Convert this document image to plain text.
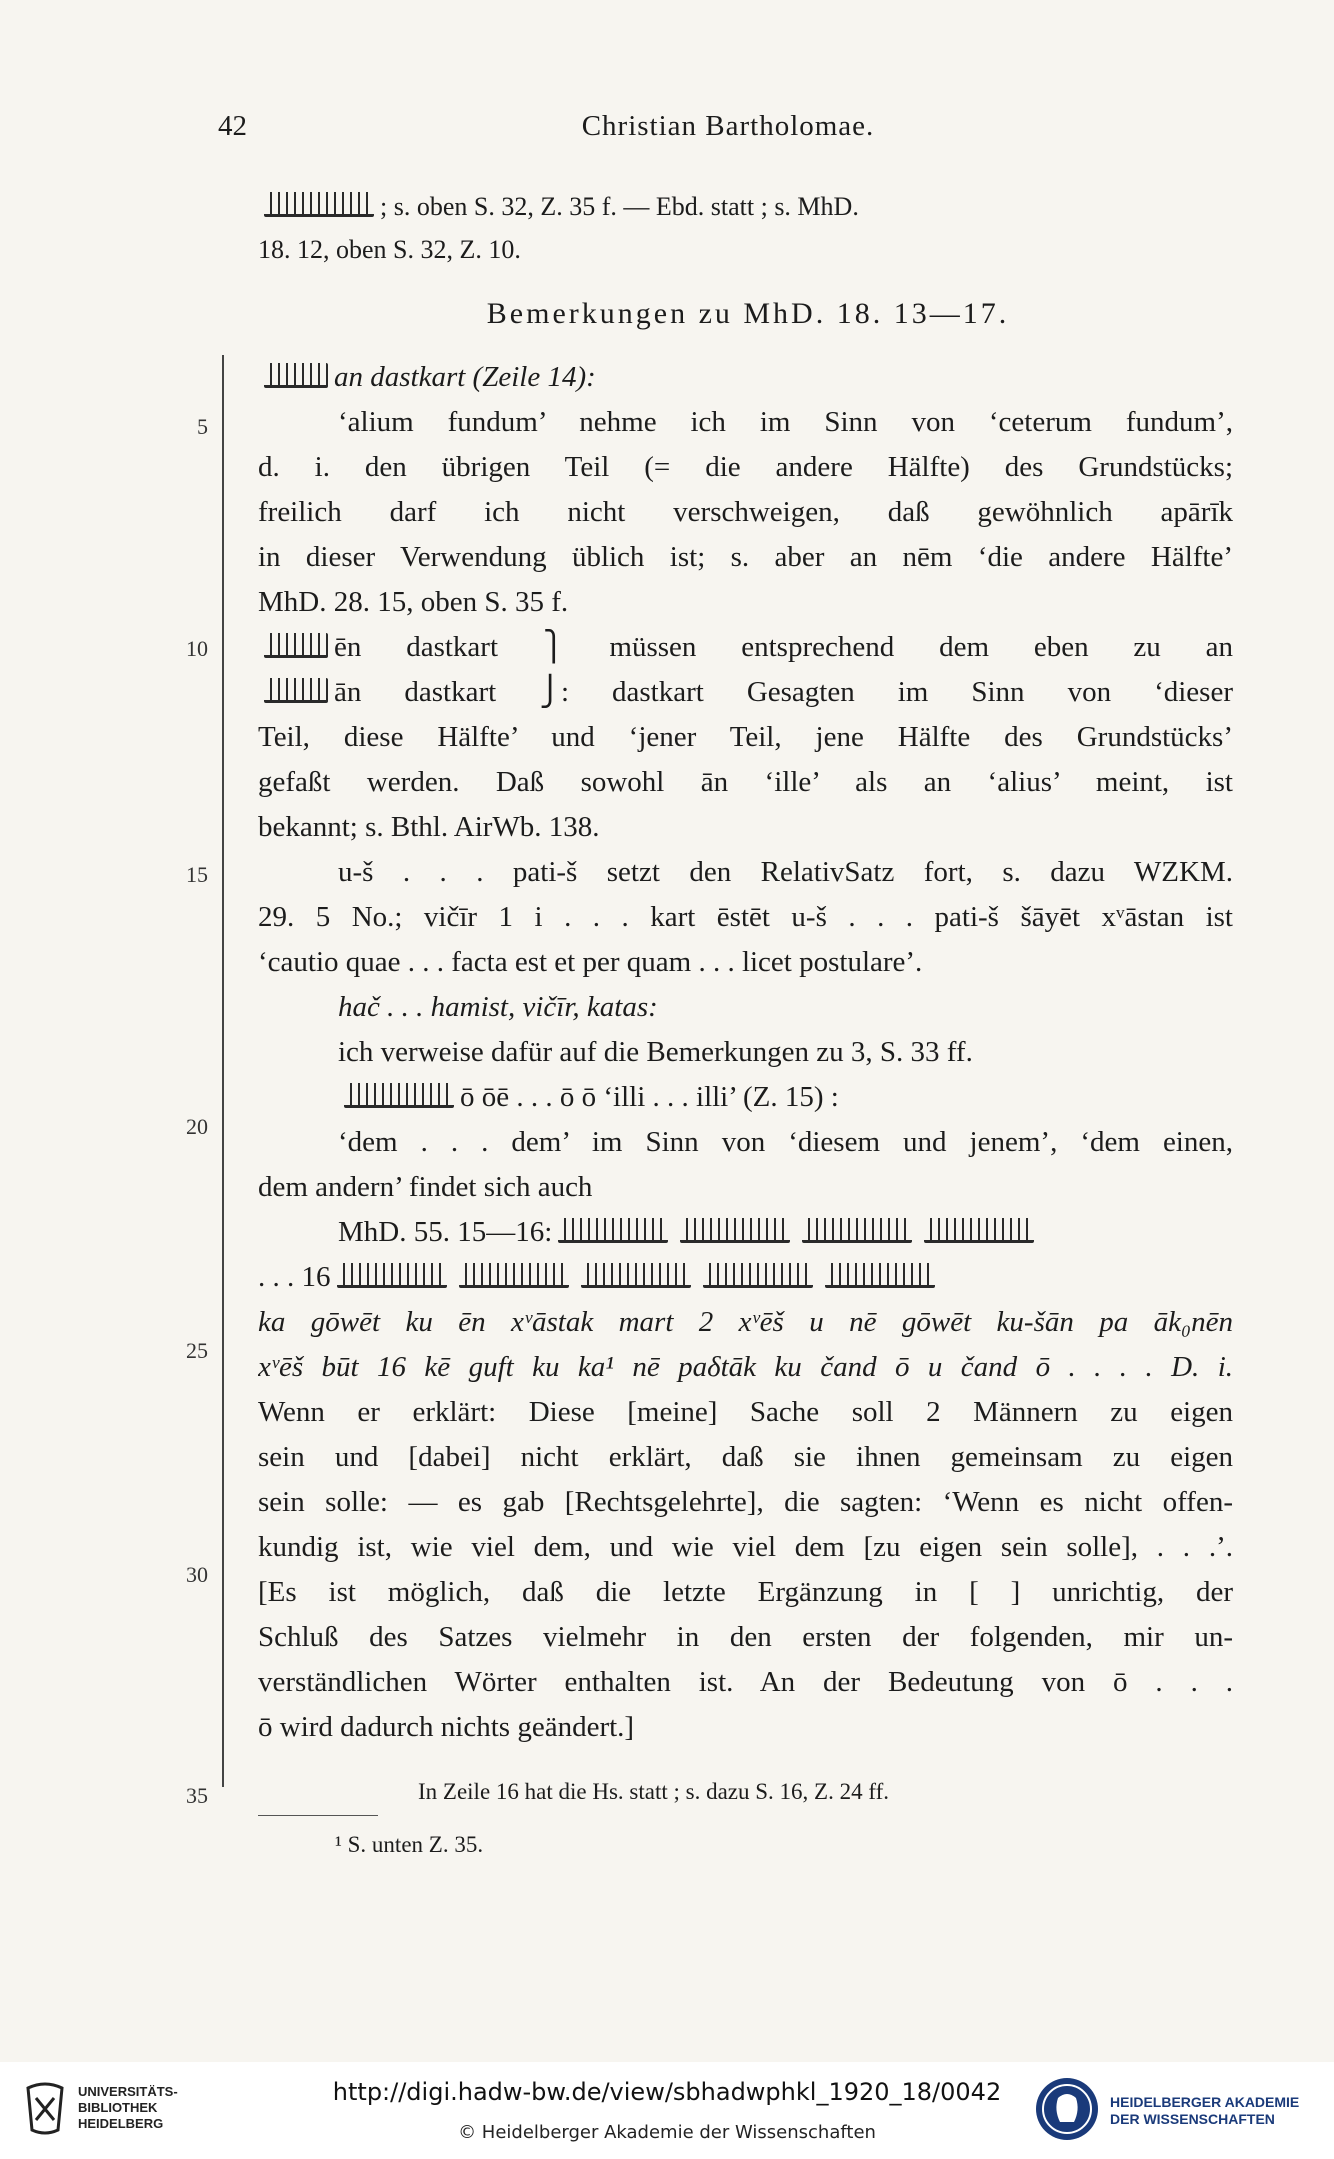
42	Christian Bartholomae.
; s. oben S. 32, Z. 35 f. — Ebd. statt ; s. MhD.
18. 12, oben S. 32, Z. 10.
Bemerkungen zu MhD. 18. 13—17.
5
10
15
20
25
30
35
an dastkart (Zeile 14):
‘alium fundum’ nehme ich im Sinn von ‘ceterum fundum’,
d. i. den übrigen Teil (= die andere Hälfte) des Grundstücks;
freilich darf ich nicht verschweigen, daß gewöhnlich apārīk
in dieser Verwendung üblich ist; s. aber an nēm ‘die andere Hälfte’
MhD. 28. 15, oben S. 35 f.
ēn dastkart ⎫ müssen entsprechend dem eben zu an
ān dastkart ⎭: dastkart Gesagten im Sinn von ‘dieser
Teil, diese Hälfte’ und ‘jener Teil, jene Hälfte des Grundstücks’
gefaßt werden. Daß sowohl ān ‘ille’ als an ‘alius’ meint, ist
bekannt; s. Bthl. AirWb. 138.
u-š . . . pati-š setzt den RelativSatz fort, s. dazu WZKM.
29. 5 No.; vičīr 1 i . . . kart ēstēt u-š . . . pati-š šāyēt xᵛāstan ist
‘cautio quae . . . facta est et per quam . . . licet postulare’.
hač . . . hamist, vičīr, katas:
ich verweise dafür auf die Bemerkungen zu 3, S. 33 ff.
ō ōē . . . ō ō ‘illi . . . illi’ (Z. 15) :
‘dem . . . dem’ im Sinn von ‘diesem und jenem’, ‘dem einen,
dem andern’ findet sich auch
MhD. 55. 15—16:
. . . 16
ka gōwēt ku ēn xᵛāstak mart 2 xᵛēš u nē gōwēt ku-šān pa āk₀nēn
xᵛēš būt 16 kē guft ku ka¹ nē paδtāk ku čand ō u čand ō . . . . D. i.
Wenn er erklärt: Diese [meine] Sache soll 2 Männern zu eigen
sein und [dabei] nicht erklärt, daß sie ihnen gemeinsam zu eigen
sein solle: — es gab [Rechtsgelehrte], die sagten: ‘Wenn es nicht offen-
kundig ist, wie viel dem, und wie viel dem [zu eigen sein solle], . . .’.
[Es ist möglich, daß die letzte Ergänzung in [ ] unrichtig, der
Schluß des Satzes vielmehr in den ersten der folgenden, mir un-
verständlichen Wörter enthalten ist. An der Bedeutung von ō . . .
ō wird dadurch nichts geändert.]
In Zeile 16 hat die Hs. statt ; s. dazu S. 16, Z. 24 ff.
¹ S. unten Z. 35.
UNIVERSITÄTS-
BIBLIOTHEK
HEIDELBERG
http://digi.hadw-bw.de/view/sbhadwphkl_1920_18/0042
© Heidelberger Akademie der Wissenschaften
HEIDELBERGER AKADEMIE
DER WISSENSCHAFTEN
